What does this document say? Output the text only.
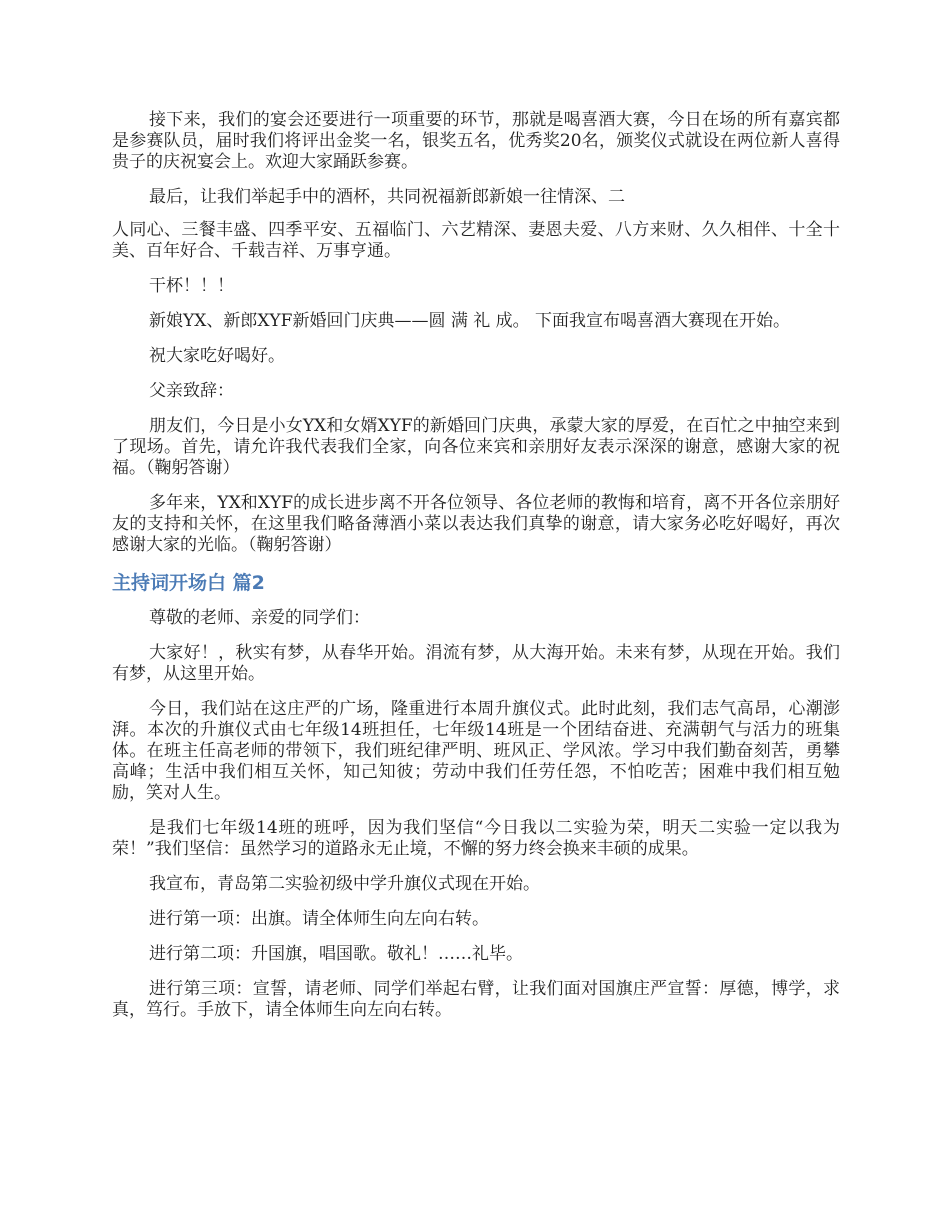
接下来，我们的宴会还要进行一项重要的环节，那就是喝喜酒大赛，今日在场的所有嘉宾都是参赛队员，届时我们将评出金奖一名，银奖五名，优秀奖20名，颁奖仪式就设在两位新人喜得贵子的庆祝宴会上。欢迎大家踊跃参赛。

最后，让我们举起手中的酒杯，共同祝福新郎新娘一往情深、二

人同心、三餐丰盛、四季平安、五福临门、六艺精深、妻恩夫爱、八方来财、久久相伴、十全十美、百年好合、千载吉祥、万事亨通。

干杯！！！

新娘YX、新郎XYF新婚回门庆典——圆 满 礼 成。 下面我宣布喝喜酒大赛现在开始。

祝大家吃好喝好。

父亲致辞：

朋友们，今日是小女YX和女婿XYF的新婚回门庆典，承蒙大家的厚爱，在百忙之中抽空来到了现场。首先，请允许我代表我们全家，向各位来宾和亲朋好友表示深深的谢意，感谢大家的祝福。（鞠躬答谢）

多年来，YX和XYF的成长进步离不开各位领导、各位老师的教悔和培育，离不开各位亲朋好友的支持和关怀，在这里我们略备薄酒小菜以表达我们真挚的谢意，请大家务必吃好喝好，再次感谢大家的光临。（鞠躬答谢）

主持词开场白 篇2

尊敬的老师、亲爱的同学们：

大家好！，秋实有梦，从春华开始。涓流有梦，从大海开始。未来有梦，从现在开始。我们有梦，从这里开始。

今日，我们站在这庄严的广场，隆重进行本周升旗仪式。此时此刻，我们志气高昂，心潮澎湃。本次的升旗仪式由七年级14班担任，七年级14班是一个团结奋进、充满朝气与活力的班集体。在班主任高老师的带领下，我们班纪律严明、班风正、学风浓。学习中我们勤奋刻苦，勇攀高峰；生活中我们相互关怀，知己知彼；劳动中我们任劳任怨，不怕吃苦；困难中我们相互勉励，笑对人生。

是我们七年级14班的班呼，因为我们坚信“今日我以二实验为荣，明天二实验一定以我为荣！”我们坚信：虽然学习的道路永无止境，不懈的努力终会换来丰硕的成果。

我宣布，青岛第二实验初级中学升旗仪式现在开始。

进行第一项：出旗。请全体师生向左向右转。

进行第二项：升国旗，唱国歌。敬礼！……礼毕。

进行第三项：宣誓，请老师、同学们举起右臂，让我们面对国旗庄严宣誓：厚德，博学，求真，笃行。手放下，请全体师生向左向右转。
